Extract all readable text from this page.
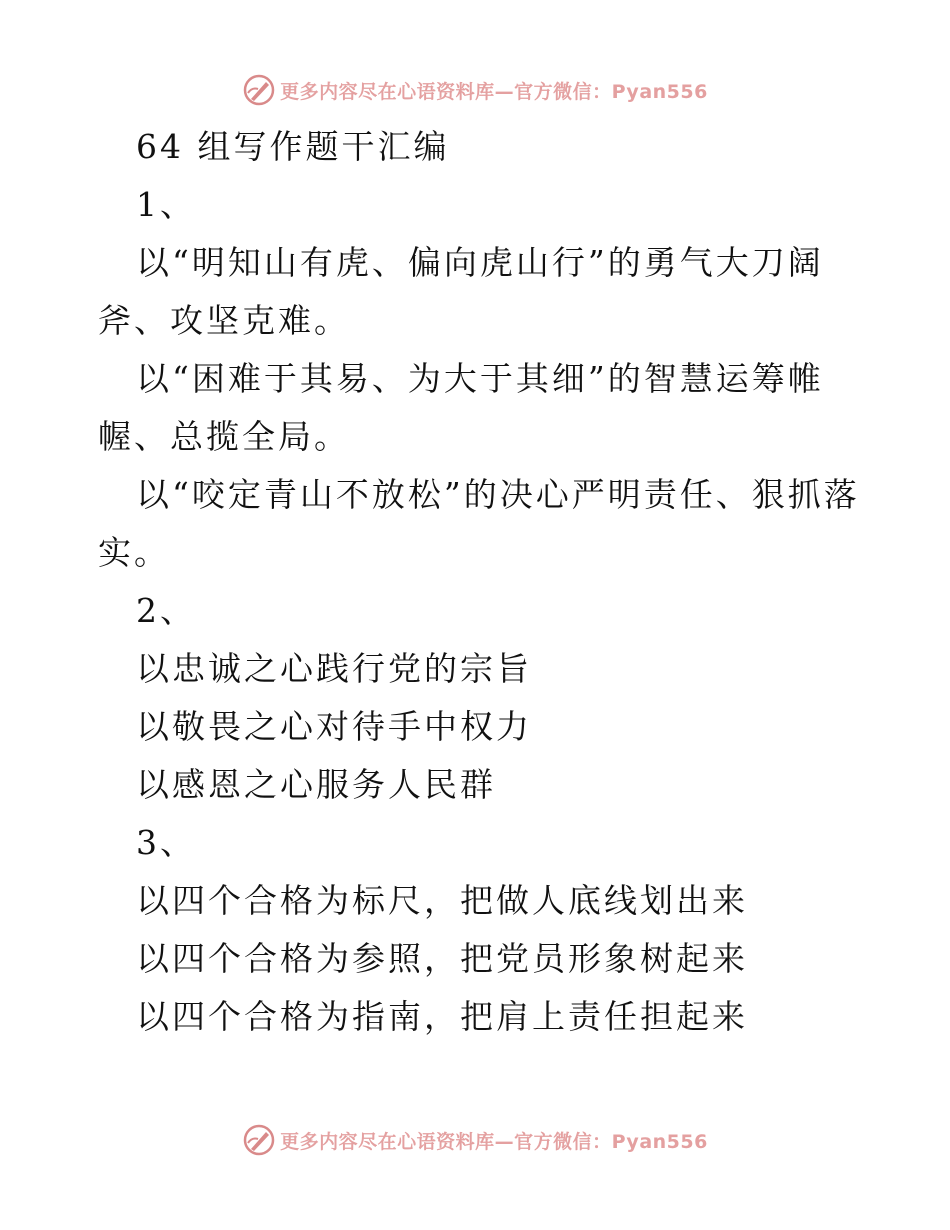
更多内容尽在心语资料库—官方微信：Pyan556
64 组写作题干汇编
1、
以“明知山有虎、偏向虎山行”的勇气大刀阔
斧、攻坚克难。
以“困难于其易、为大于其细”的智慧运筹帷
幄、总揽全局。
以“咬定青山不放松”的决心严明责任、狠抓落
实。
2、
以忠诚之心践行党的宗旨
以敬畏之心对待手中权力
以感恩之心服务人民群
3、
以四个合格为标尺，把做人底线划出来
以四个合格为参照，把党员形象树起来
以四个合格为指南，把肩上责任担起来
更多内容尽在心语资料库—官方微信：Pyan556
